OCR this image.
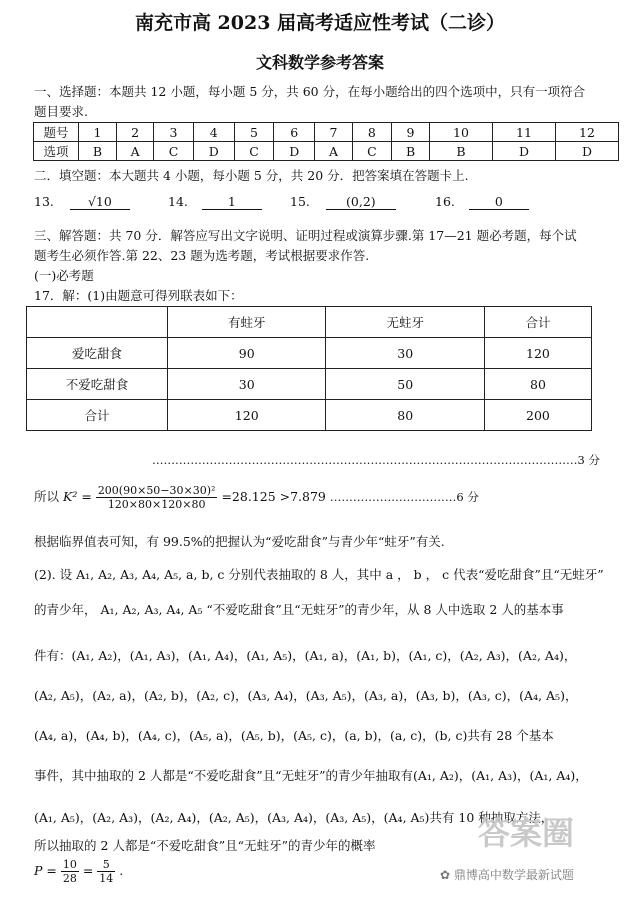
南充市高 2023 届高考适应性考试（二诊）
文科数学参考答案
一、选择题：本题共 12 小题，每小题 5 分，共 60 分，在每小题给出的四个选项中，只有一项符合
题目要求.
题号	1	2	3	4	5	6	7	8	9	10	11	12
选项	B	A	C	D	C	D	A	C	B	B	D	D
二．填空题：本大题共 4 小题，每小题 5 分，共 20 分．把答案填在答题卡上.
13.	√10	14.	1	15.	(0,2)	16.	0
三、解答题：共 70 分．解答应写出文字说明、证明过程或演算步骤.第 17—21 题必考题，每个试
题考生必须作答.第 22、23 题为选考题，考试根据要求作答.
(一)必考题
17．解：(1)由题意可得列联表如下：
	有蛀牙	无蛀牙	合计
爱吃甜食	90	30	120
不爱吃甜食	30	50	80
合计	120	80	200
…………………………………………………………………………………………………3 分
所以 $K^2 = \frac{\text{200(90×50−30×30)²}}{120\times 80\times 120\times 80} =28.125 >7.879$ ……………………………6 分
根据临界值表可知，有 99.5%的把握认为“爱吃甜食”与青少年“蛀牙”有关.
(2). 设 A₁, A₂, A₃, A₄, A₅, a, b, c 分别代表抽取的 8 人，其中 a ， b ， c 代表“爱吃甜食”且“无蛀牙”
的青少年， A₁, A₂, A₃, A₄, A₅ “不爱吃甜食”且“无蛀牙”的青少年，从 8 人中选取 2 人的基本事
件有：(A₁, A₂)，(A₁, A₃)，(A₁, A₄)，(A₁, A₅)，(A₁, a)，(A₁, b)，(A₁, c)，(A₂, A₃)，(A₂, A₄)，
(A₂, A₅)，(A₂, a)，(A₂, b)，(A₂, c)，(A₃, A₄)，(A₃, A₅)，(A₃, a)，(A₃, b)，(A₃, c)，(A₄, A₅)，
(A₄, a)，(A₄, b)，(A₄, c)，(A₅, a)，(A₅, b)，(A₅, c)，(a, b)，(a, c)，(b, c)共有 28 个基本
事件，其中抽取的 2 人都是“不爱吃甜食”且“无蛀牙”的青少年抽取有(A₁, A₂)，(A₁, A₃)，(A₁, A₄)，
(A₁, A₅)，(A₂, A₃)，(A₂, A₄)，(A₂, A₅)，(A₃, A₄)，(A₃, A₅)，(A₄, A₅)共有 10 种抽取方法，
所以抽取的 2 人都是“不爱吃甜食”且“无蛀牙”的青少年的概率
$P = \frac{10}{28} = \frac{5}{14}$ .
答案圈
✿ 鼎博高中数学最新试题
